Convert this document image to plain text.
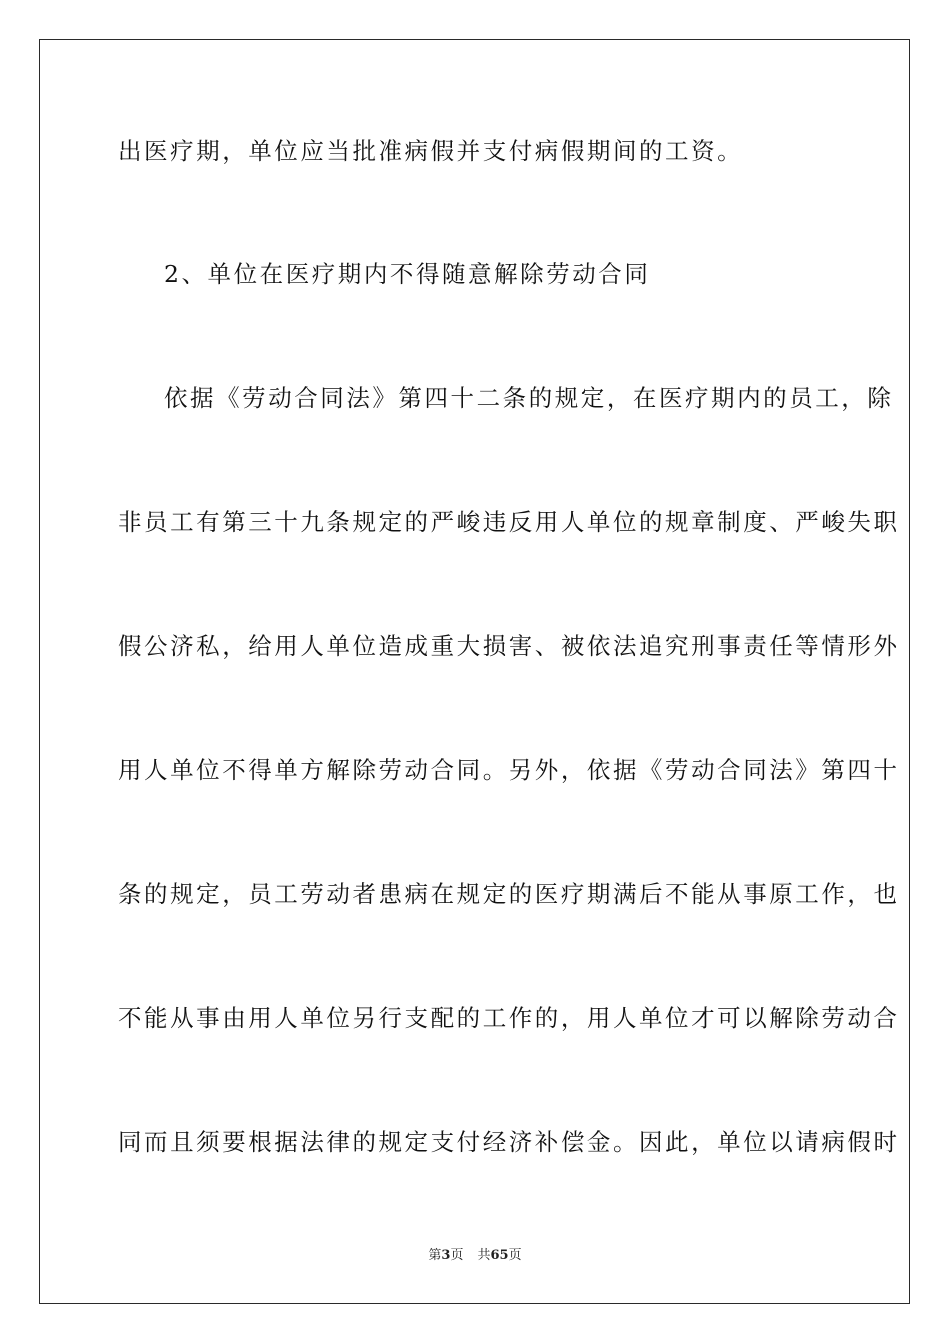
出医疗期，单位应当批准病假并支付病假期间的工资。
2、单位在医疗期内不得随意解除劳动合同
依据《劳动合同法》第四十二条的规定，在医疗期内的员工，除
非员工有第三十九条规定的严峻违反用人单位的规章制度、严峻失职
假公济私，给用人单位造成重大损害、被依法追究刑事责任等情形外
用人单位不得单方解除劳动合同。另外，依据《劳动合同法》第四十
条的规定，员工劳动者患病在规定的医疗期满后不能从事原工作，也
不能从事由用人单位另行支配的工作的，用人单位才可以解除劳动合
同而且须要根据法律的规定支付经济补偿金。因此，单位以请病假时
第3页 共65页
